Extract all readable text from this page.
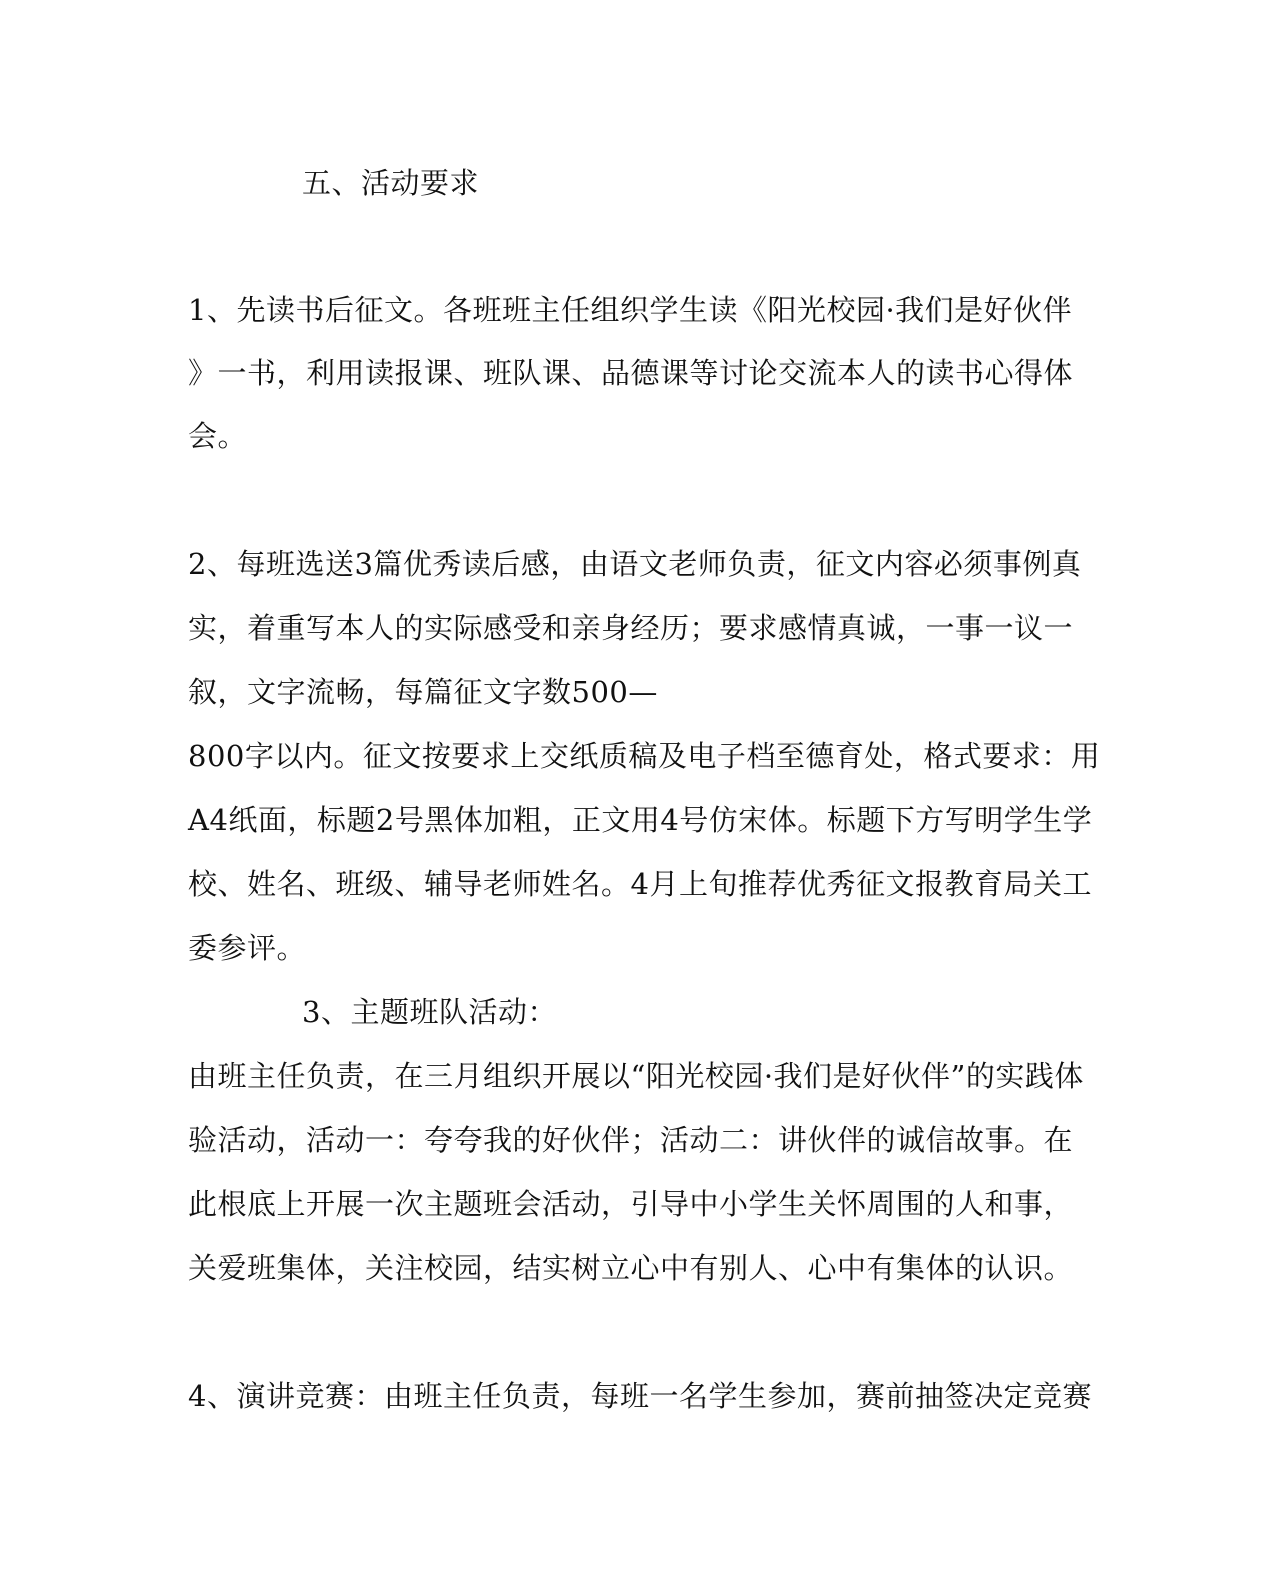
五、活动要求

1、先读书后征文。各班班主任组织学生读《阳光校园·我们是好伙伴

》一书，利用读报课、班队课、品德课等讨论交流本人的读书心得体

会。

2、每班选送3篇优秀读后感，由语文老师负责，征文内容必须事例真

实，着重写本人的实际感受和亲身经历；要求感情真诚，一事一议一

叙，文字流畅，每篇征文字数500—

800字以内。征文按要求上交纸质稿及电子档至德育处，格式要求：用

A4纸面，标题2号黑体加粗，正文用4号仿宋体。标题下方写明学生学

校、姓名、班级、辅导老师姓名。4月上旬推荐优秀征文报教育局关工

委参评。

3、主题班队活动：

由班主任负责，在三月组织开展以“阳光校园·我们是好伙伴”的实践体

验活动，活动一：夸夸我的好伙伴；活动二：讲伙伴的诚信故事。在

此根底上开展一次主题班会活动，引导中小学生关怀周围的人和事，

关爱班集体，关注校园，结实树立心中有别人、心中有集体的认识。

4、演讲竞赛：由班主任负责，每班一名学生参加，赛前抽签决定竞赛
